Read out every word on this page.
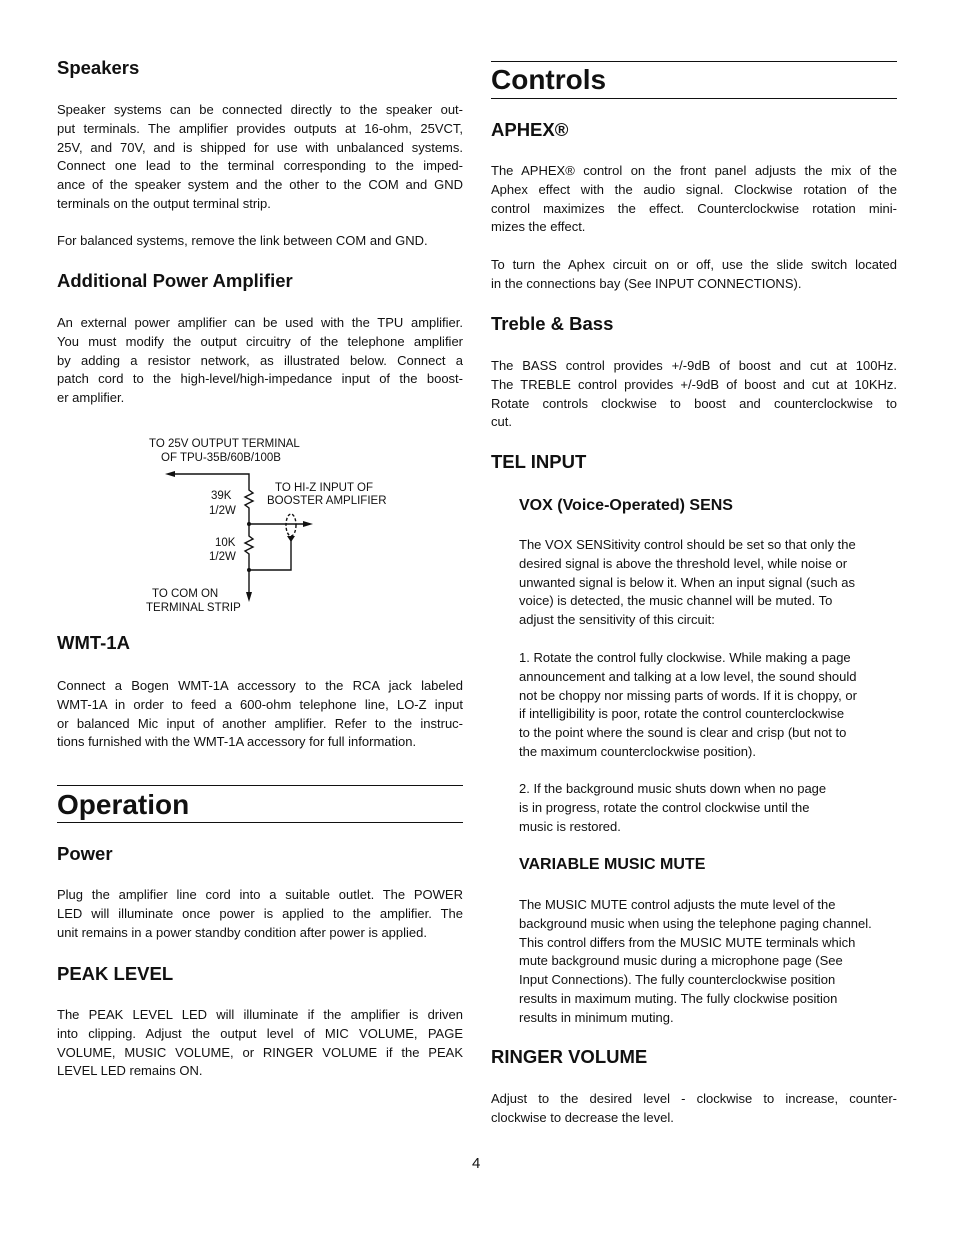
Speakers
Speaker systems can be connected directly to the speaker out-
put terminals. The amplifier provides outputs at 16-ohm, 25VCT,
25V, and 70V, and is shipped for use with unbalanced systems.
Connect one lead to the terminal corresponding to the imped-
ance of the speaker system and the other to the COM and GND
terminals on the output terminal strip.
For balanced systems, remove the link between COM and GND.
Additional Power Amplifier
An external power amplifier can be used with the TPU amplifier.
You must modify the output circuitry of the telephone amplifier
by adding a resistor network, as illustrated below. Connect a
patch cord to the high-level/high-impedance input of the boost-
er amplifier.
TO 25V OUTPUT TERMINAL
OF TPU-35B/60B/100B
TO HI-Z INPUT OF
BOOSTER AMPLIFIER
39K
1/2W
10K
1/2W
TO COM ON
TERMINAL STRIP
WMT-1A
Connect a Bogen WMT-1A accessory to the RCA jack labeled
WMT-1A in order to feed a 600-ohm telephone line, LO-Z input
or balanced Mic input of another amplifier. Refer to the instruc-
tions furnished with the WMT-1A accessory for full information.
Operation
Power
Plug the amplifier line cord into a suitable outlet. The POWER
LED will illuminate once power is applied to the amplifier. The
unit remains in a power standby condition after power is applied.
PEAK LEVEL
The PEAK LEVEL LED will illuminate if the amplifier is driven
into clipping. Adjust the output level of MIC VOLUME, PAGE
VOLUME, MUSIC VOLUME, or RINGER VOLUME if the PEAK
LEVEL LED remains ON.
Controls
APHEX®
The APHEX® control on the front panel adjusts the mix of the
Aphex effect with the audio signal. Clockwise rotation of the
control maximizes the effect. Counterclockwise rotation mini-
mizes the effect.
To turn the Aphex circuit on or off, use the slide switch located
in the connections bay (See INPUT CONNECTIONS).
Treble & Bass
The BASS control provides +/-9dB of boost and cut at 100Hz.
The TREBLE control provides +/-9dB of boost and cut at 10KHz.
Rotate controls clockwise to boost and counterclockwise to
cut.
TEL INPUT
VOX (Voice-Operated) SENS
The VOX SENSitivity control should be set so that only the
desired signal is above the threshold level, while noise or
unwanted signal is below it. When an input signal (such as
voice) is detected, the music channel will be muted. To
adjust the sensitivity of this circuit:
1. Rotate the control fully clockwise. While making a page
announcement and talking at a low level, the sound should
not be choppy nor missing parts of words. If it is choppy, or
if intelligibility is poor, rotate the control counterclockwise
to the point where the sound is clear and crisp (but not to
the maximum counterclockwise position).
2. If the background music shuts down when no page
is in progress, rotate the control clockwise until the
music is restored.
VARIABLE MUSIC MUTE
The MUSIC MUTE control adjusts the mute level of the
background music when using the telephone paging channel.
This control differs from the MUSIC MUTE terminals which
mute background music during a microphone page (See
Input Connections). The fully counterclockwise position
results in maximum muting. The fully clockwise position
results in minimum muting.
RINGER VOLUME
Adjust to the desired level - clockwise to increase, counter-
clockwise to decrease the level.
4
